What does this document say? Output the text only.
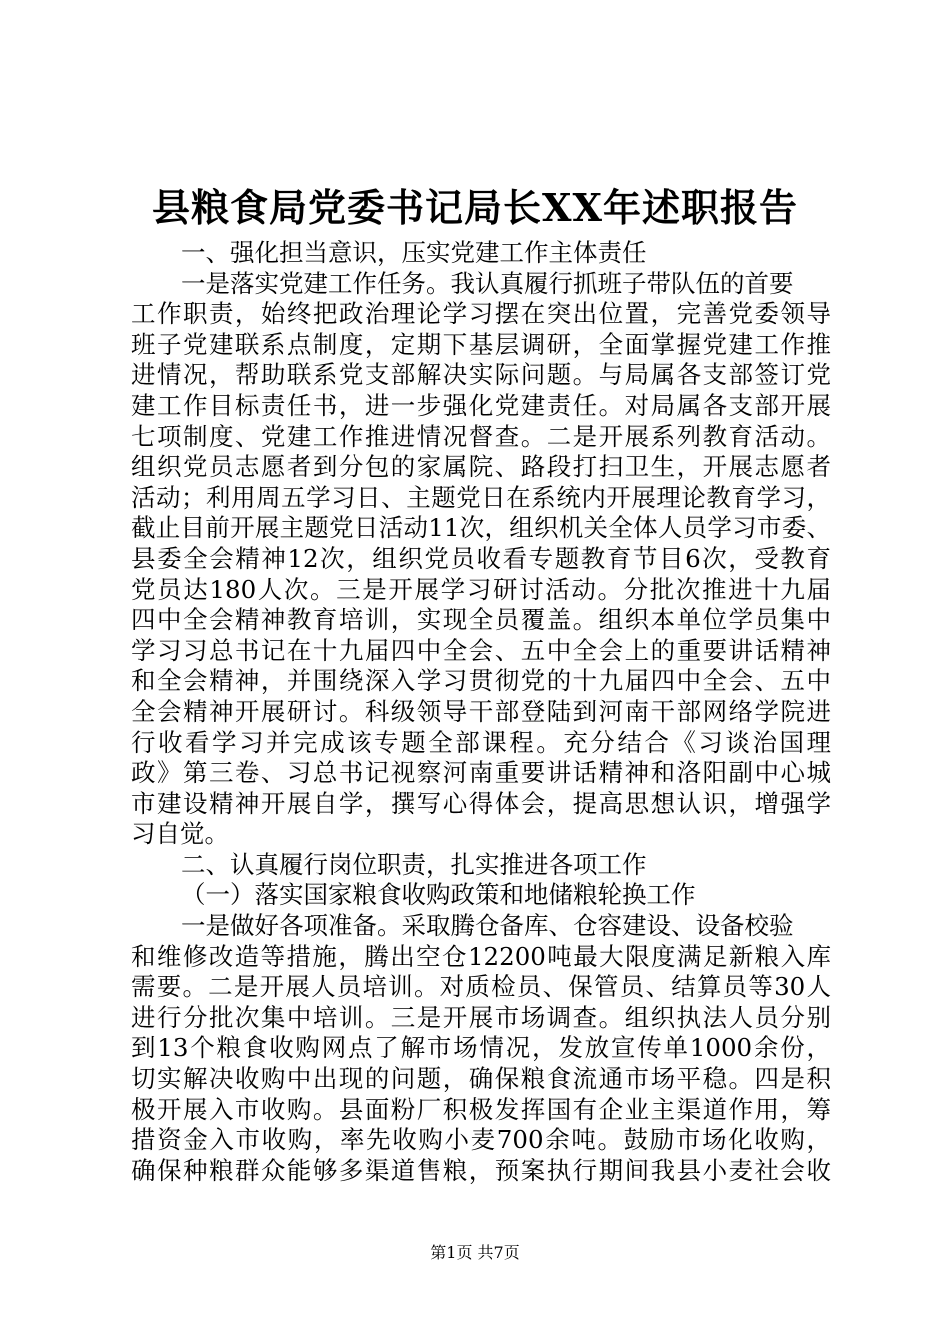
县粮食局党委书记局长XX年述职报告
一、强化担当意识，压实党建工作主体责任
一是落实党建工作任务。我认真履行抓班子带队伍的首要
工作职责，始终把政治理论学习摆在突出位置，完善党委领导
班子党建联系点制度，定期下基层调研，全面掌握党建工作推
进情况，帮助联系党支部解决实际问题。与局属各支部签订党
建工作目标责任书，进一步强化党建责任。对局属各支部开展
七项制度、党建工作推进情况督查。二是开展系列教育活动。
组织党员志愿者到分包的家属院、路段打扫卫生，开展志愿者
活动；利用周五学习日、主题党日在系统内开展理论教育学习，
截止目前开展主题党日活动11次，组织机关全体人员学习市委、
县委全会精神12次，组织党员收看专题教育节目6次，受教育
党员达180人次。三是开展学习研讨活动。分批次推进十九届
四中全会精神教育培训，实现全员覆盖。组织本单位学员集中
学习习总书记在十九届四中全会、五中全会上的重要讲话精神
和全会精神，并围绕深入学习贯彻党的十九届四中全会、五中
全会精神开展研讨。科级领导干部登陆到河南干部网络学院进
行收看学习并完成该专题全部课程。充分结合《习谈治国理
政》第三卷、习总书记视察河南重要讲话精神和洛阳副中心城
市建设精神开展自学，撰写心得体会，提高思想认识，增强学
习自觉。
二、认真履行岗位职责，扎实推进各项工作
（一）落实国家粮食收购政策和地储粮轮换工作
一是做好各项准备。采取腾仓备库、仓容建设、设备校验
和维修改造等措施，腾出空仓12200吨最大限度满足新粮入库
需要。二是开展人员培训。对质检员、保管员、结算员等30人
进行分批次集中培训。三是开展市场调查。组织执法人员分别
到13个粮食收购网点了解市场情况，发放宣传单1000余份，
切实解决收购中出现的问题，确保粮食流通市场平稳。四是积
极开展入市收购。县面粉厂积极发挥国有企业主渠道作用，筹
措资金入市收购，率先收购小麦700余吨。鼓励市场化收购，
确保种粮群众能够多渠道售粮，预案执行期间我县小麦社会收
第1页 共7页
